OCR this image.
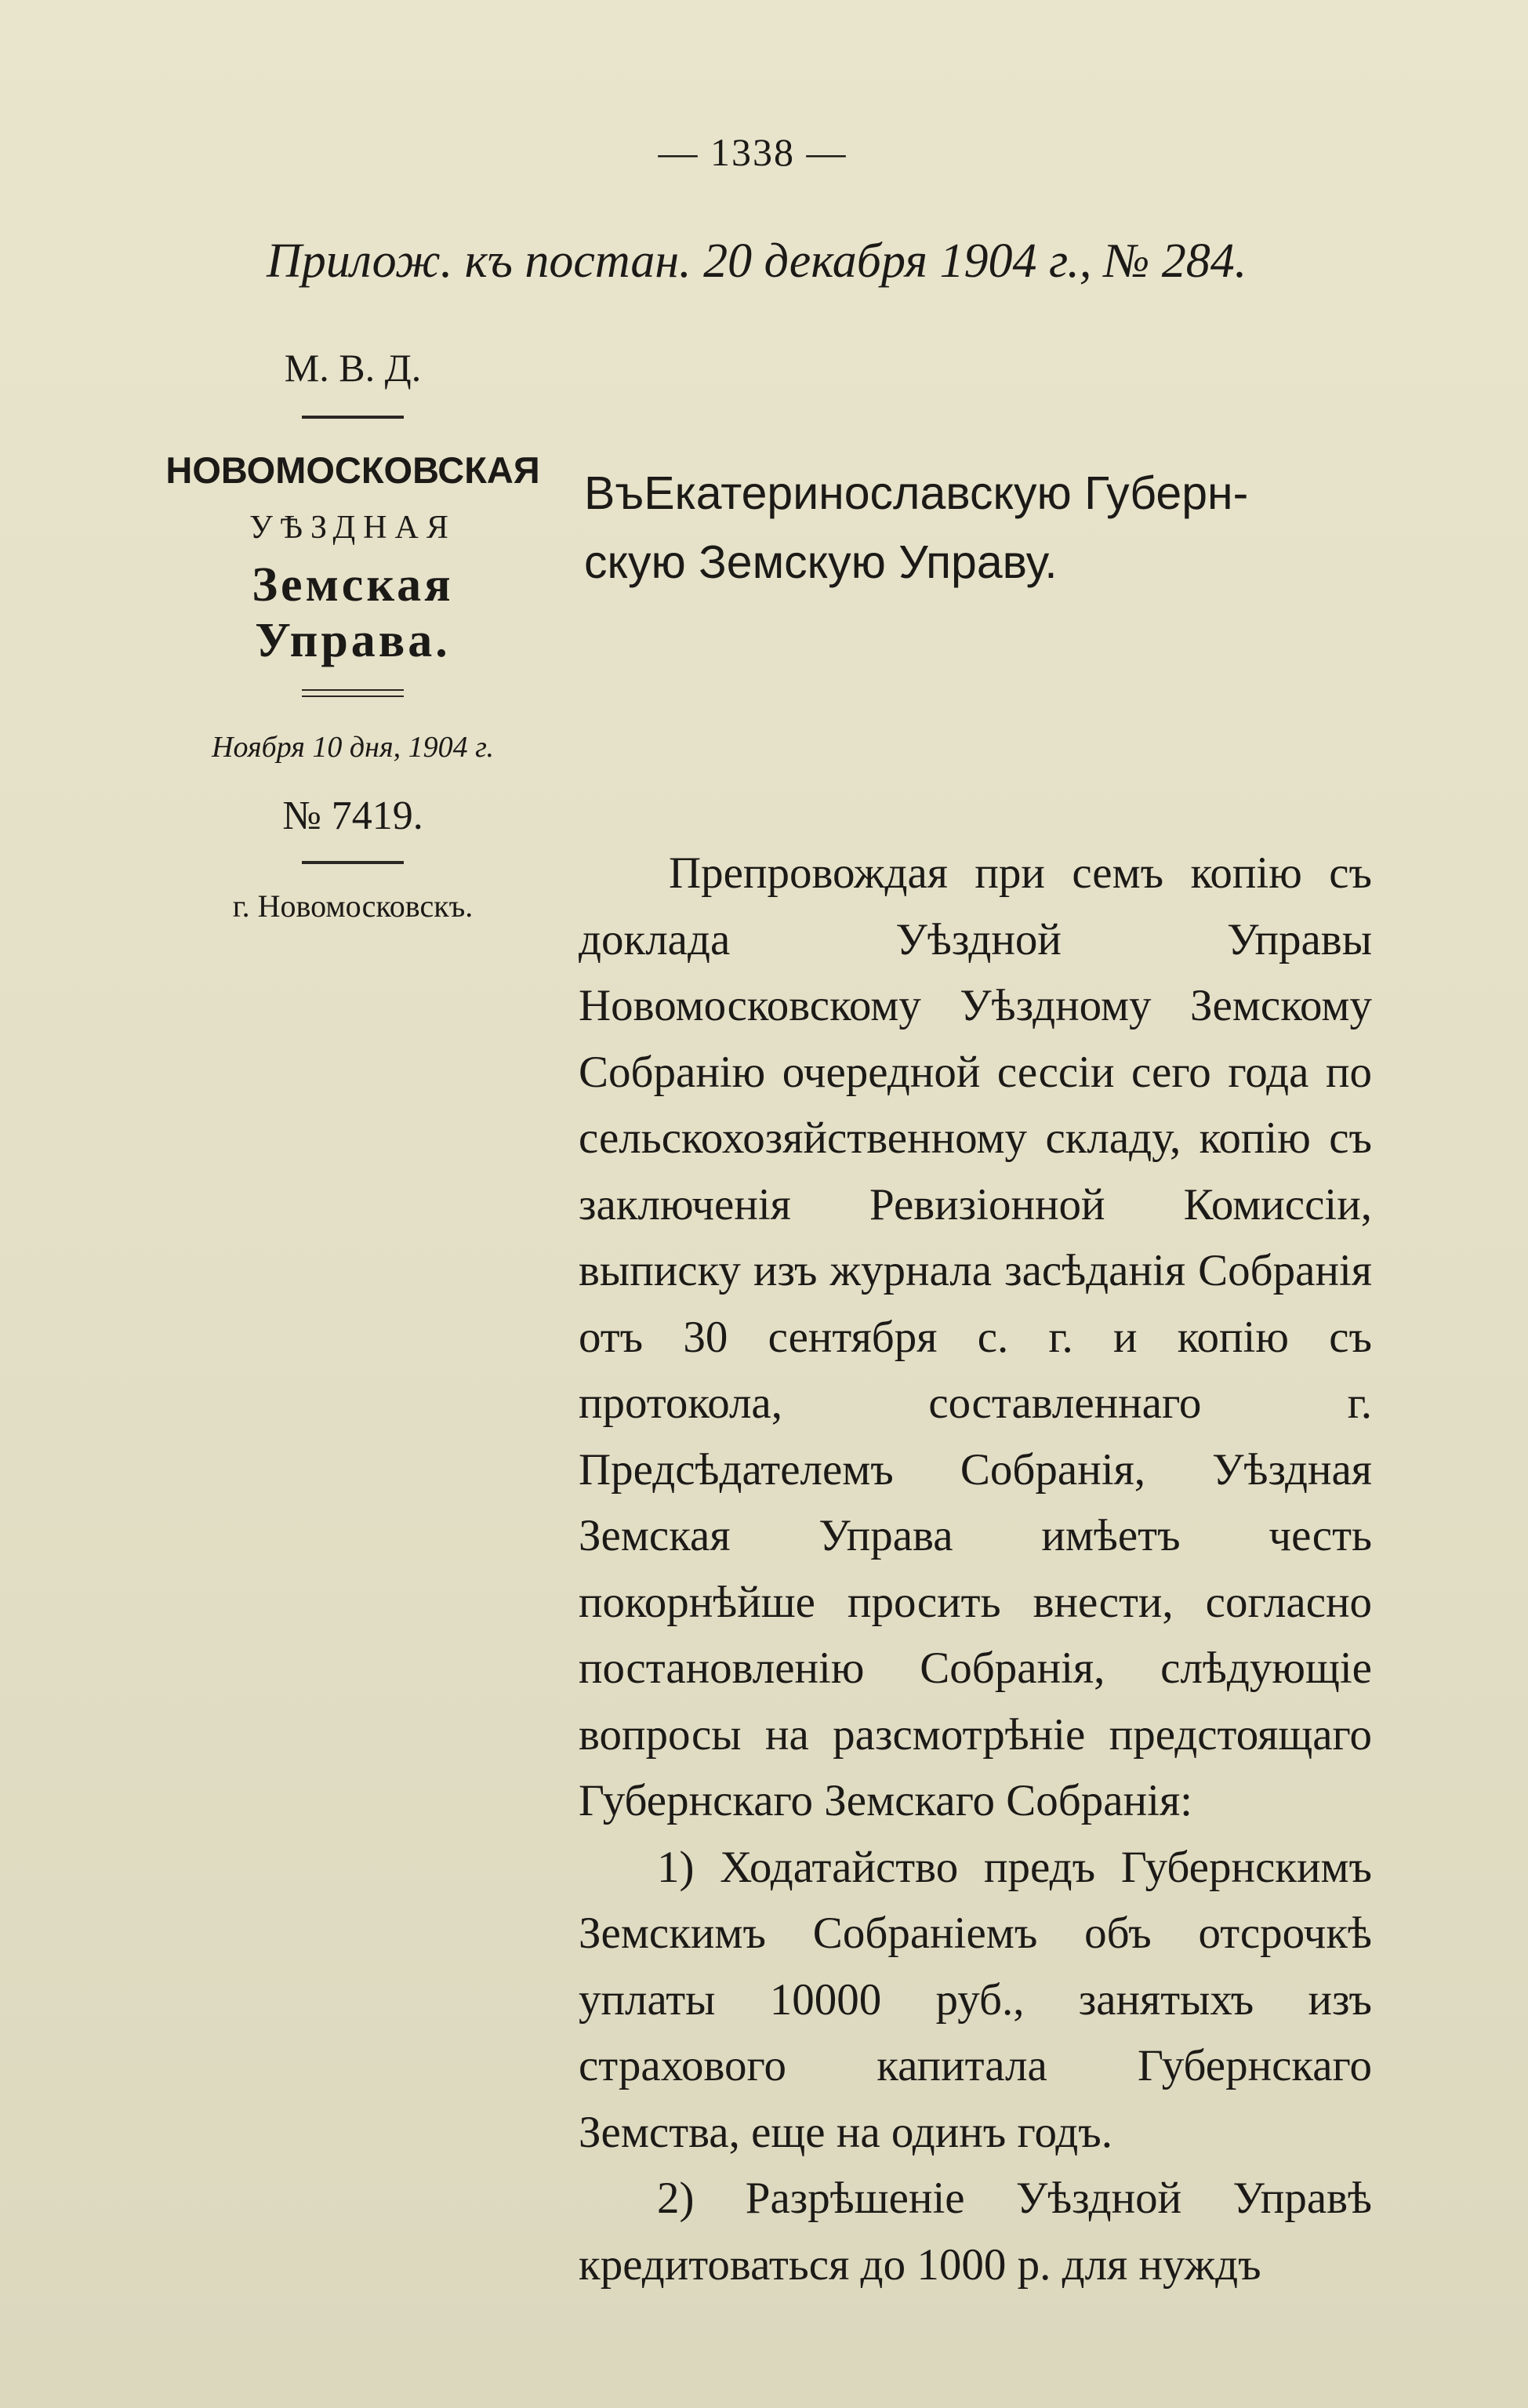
— 1338 —
Прилож. къ постан. 20 декабря 1904 г., № 284.
М. В. Д.
НОВОМОСКОВСКАЯ
УѢЗДНАЯ
Земская Управа.
Ноября 10 дня, 1904 г.
№ 7419.
г. Новомосковскъ.
ВъЕкатеринославскую Губерн-
скую Земскую Управу.

Препровождая при семъ копію съ доклада Уѣздной Управы Новомосковскому Уѣздному Земскому Собранію очередной сессіи сего года по сельскохозяйственному складу, копію съ заключенія Ревизіонной Комиссіи, выписку изъ журнала засѣданія Собранія отъ 30 сентября с. г. и копію съ протокола, составленнаго г. Предсѣдателемъ Собранія, Уѣздная Земская Управа имѣетъ честь покорнѣйше просить внести, согласно постановленію Собранія, слѣдующіе вопросы на разсмотрѣніе предстоящаго Губернскаго Земскаго Собранія:

1) Ходатайство предъ Губернскимъ Земскимъ Собраніемъ объ отсрочкѣ уплаты 10000 руб., занятыхъ изъ страхового капитала Губернскаго Земства, еще на одинъ годъ.

2) Разрѣшеніе Уѣздной Управѣ кредитоваться до 1000 р. для нуждъ
